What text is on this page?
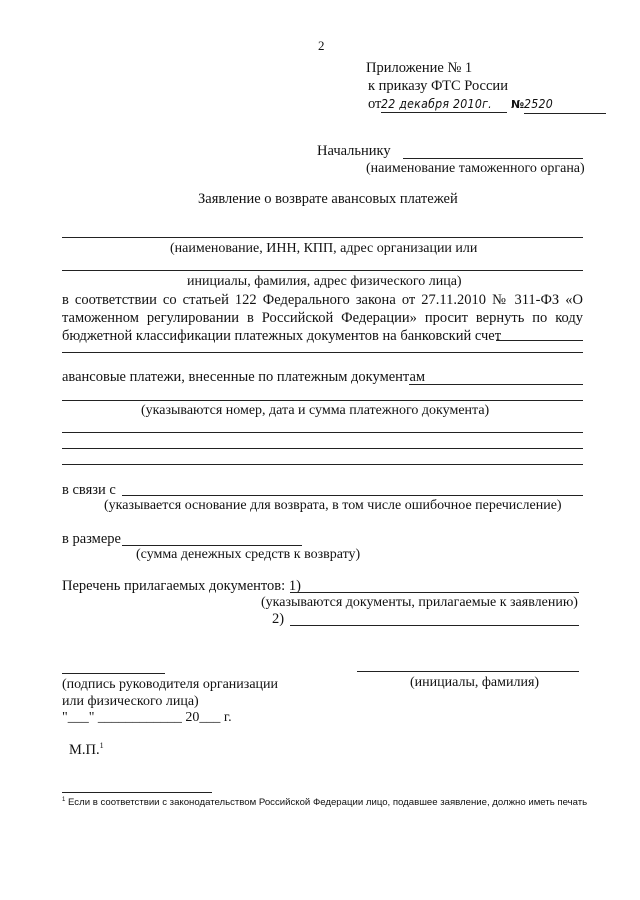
2
Приложение № 1
к приказу ФТС России
от22 декабря 2010г. №2520
Начальнику
(наименование таможенного органа)
Заявление о возврате авансовых платежей
(наименование, ИНН, КПП, адрес организации или
инициалы, фамилия, адрес физического лица)
в соответствии со статьей 122 Федерального закона от 27.11.2010 № 311-ФЗ «О
таможенном регулировании в Российской Федерации» просит вернуть по коду
бюджетной классификации платежных документов на банковский счет
авансовые платежи, внесенные по платежным документам
(указываются номер, дата и сумма платежного документа)
в связи с
(указывается основание для возврата, в том числе ошибочное перечисление)
в размере
(сумма денежных средств к возврату)
Перечень прилагаемых документов: 1)
(указываются документы, прилагаемые к заявлению)
2)
(подпись руководителя организации
или физического лица)
"___" ____________ 20___ г.
(инициалы, фамилия)
М.П.$^1$
$^1$ Если в соответствии с законодательством Российской Федерации лицо, подавшее заявление, должно иметь печать
